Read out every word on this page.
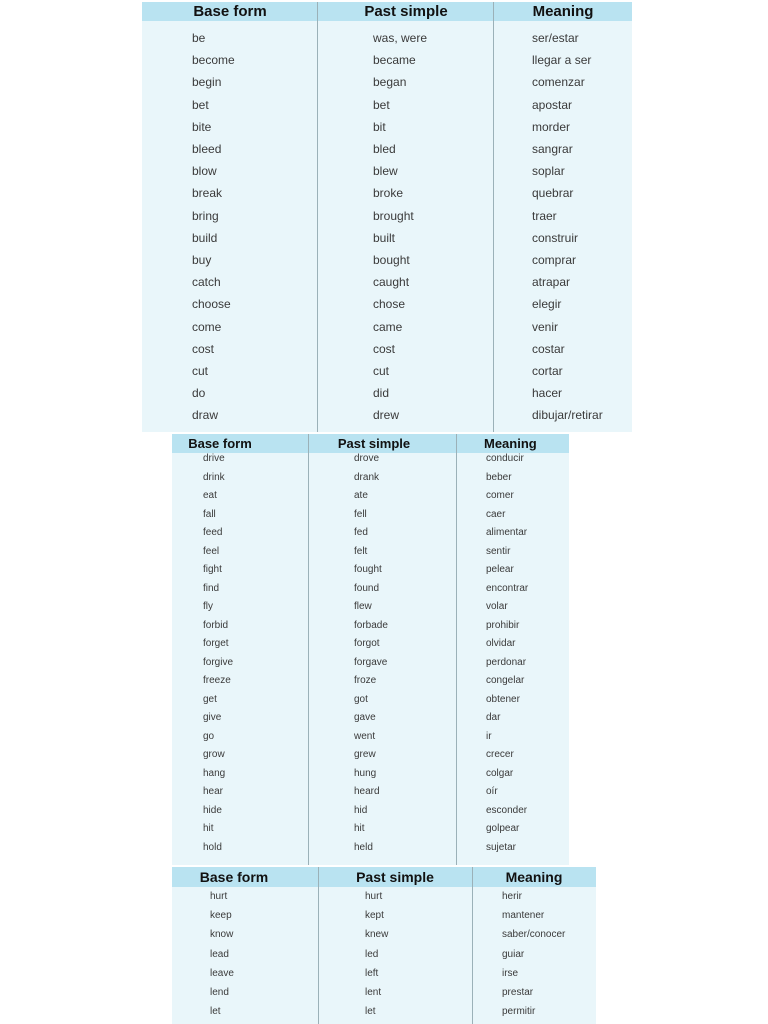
Base form	Past simple	Meaning
be	was, were	ser/estar
become	became	llegar a ser
begin	began	comenzar
bet	bet	apostar
bite	bit	morder
bleed	bled	sangrar
blow	blew	soplar
break	broke	quebrar
bring	brought	traer
build	built	construir
buy	bought	comprar
catch	caught	atrapar
choose	chose	elegir
come	came	venir
cost	cost	costar
cut	cut	cortar
do	did	hacer
draw	drew	dibujar/retirar
Base form	Past simple	Meaning
drive	drove	conducir
drink	drank	beber
eat	ate	comer
fall	fell	caer
feed	fed	alimentar
feel	felt	sentir
fight	fought	pelear
find	found	encontrar
fly	flew	volar
forbid	forbade	prohibir
forget	forgot	olvidar
forgive	forgave	perdonar
freeze	froze	congelar
get	got	obtener
give	gave	dar
go	went	ir
grow	grew	crecer
hang	hung	colgar
hear	heard	oír
hide	hid	esconder
hit	hit	golpear
hold	held	sujetar
Base form	Past simple	Meaning
hurt	hurt	herir
keep	kept	mantener
know	knew	saber/conocer
lead	led	guiar
leave	left	irse
lend	lent	prestar
let	let	permitir
